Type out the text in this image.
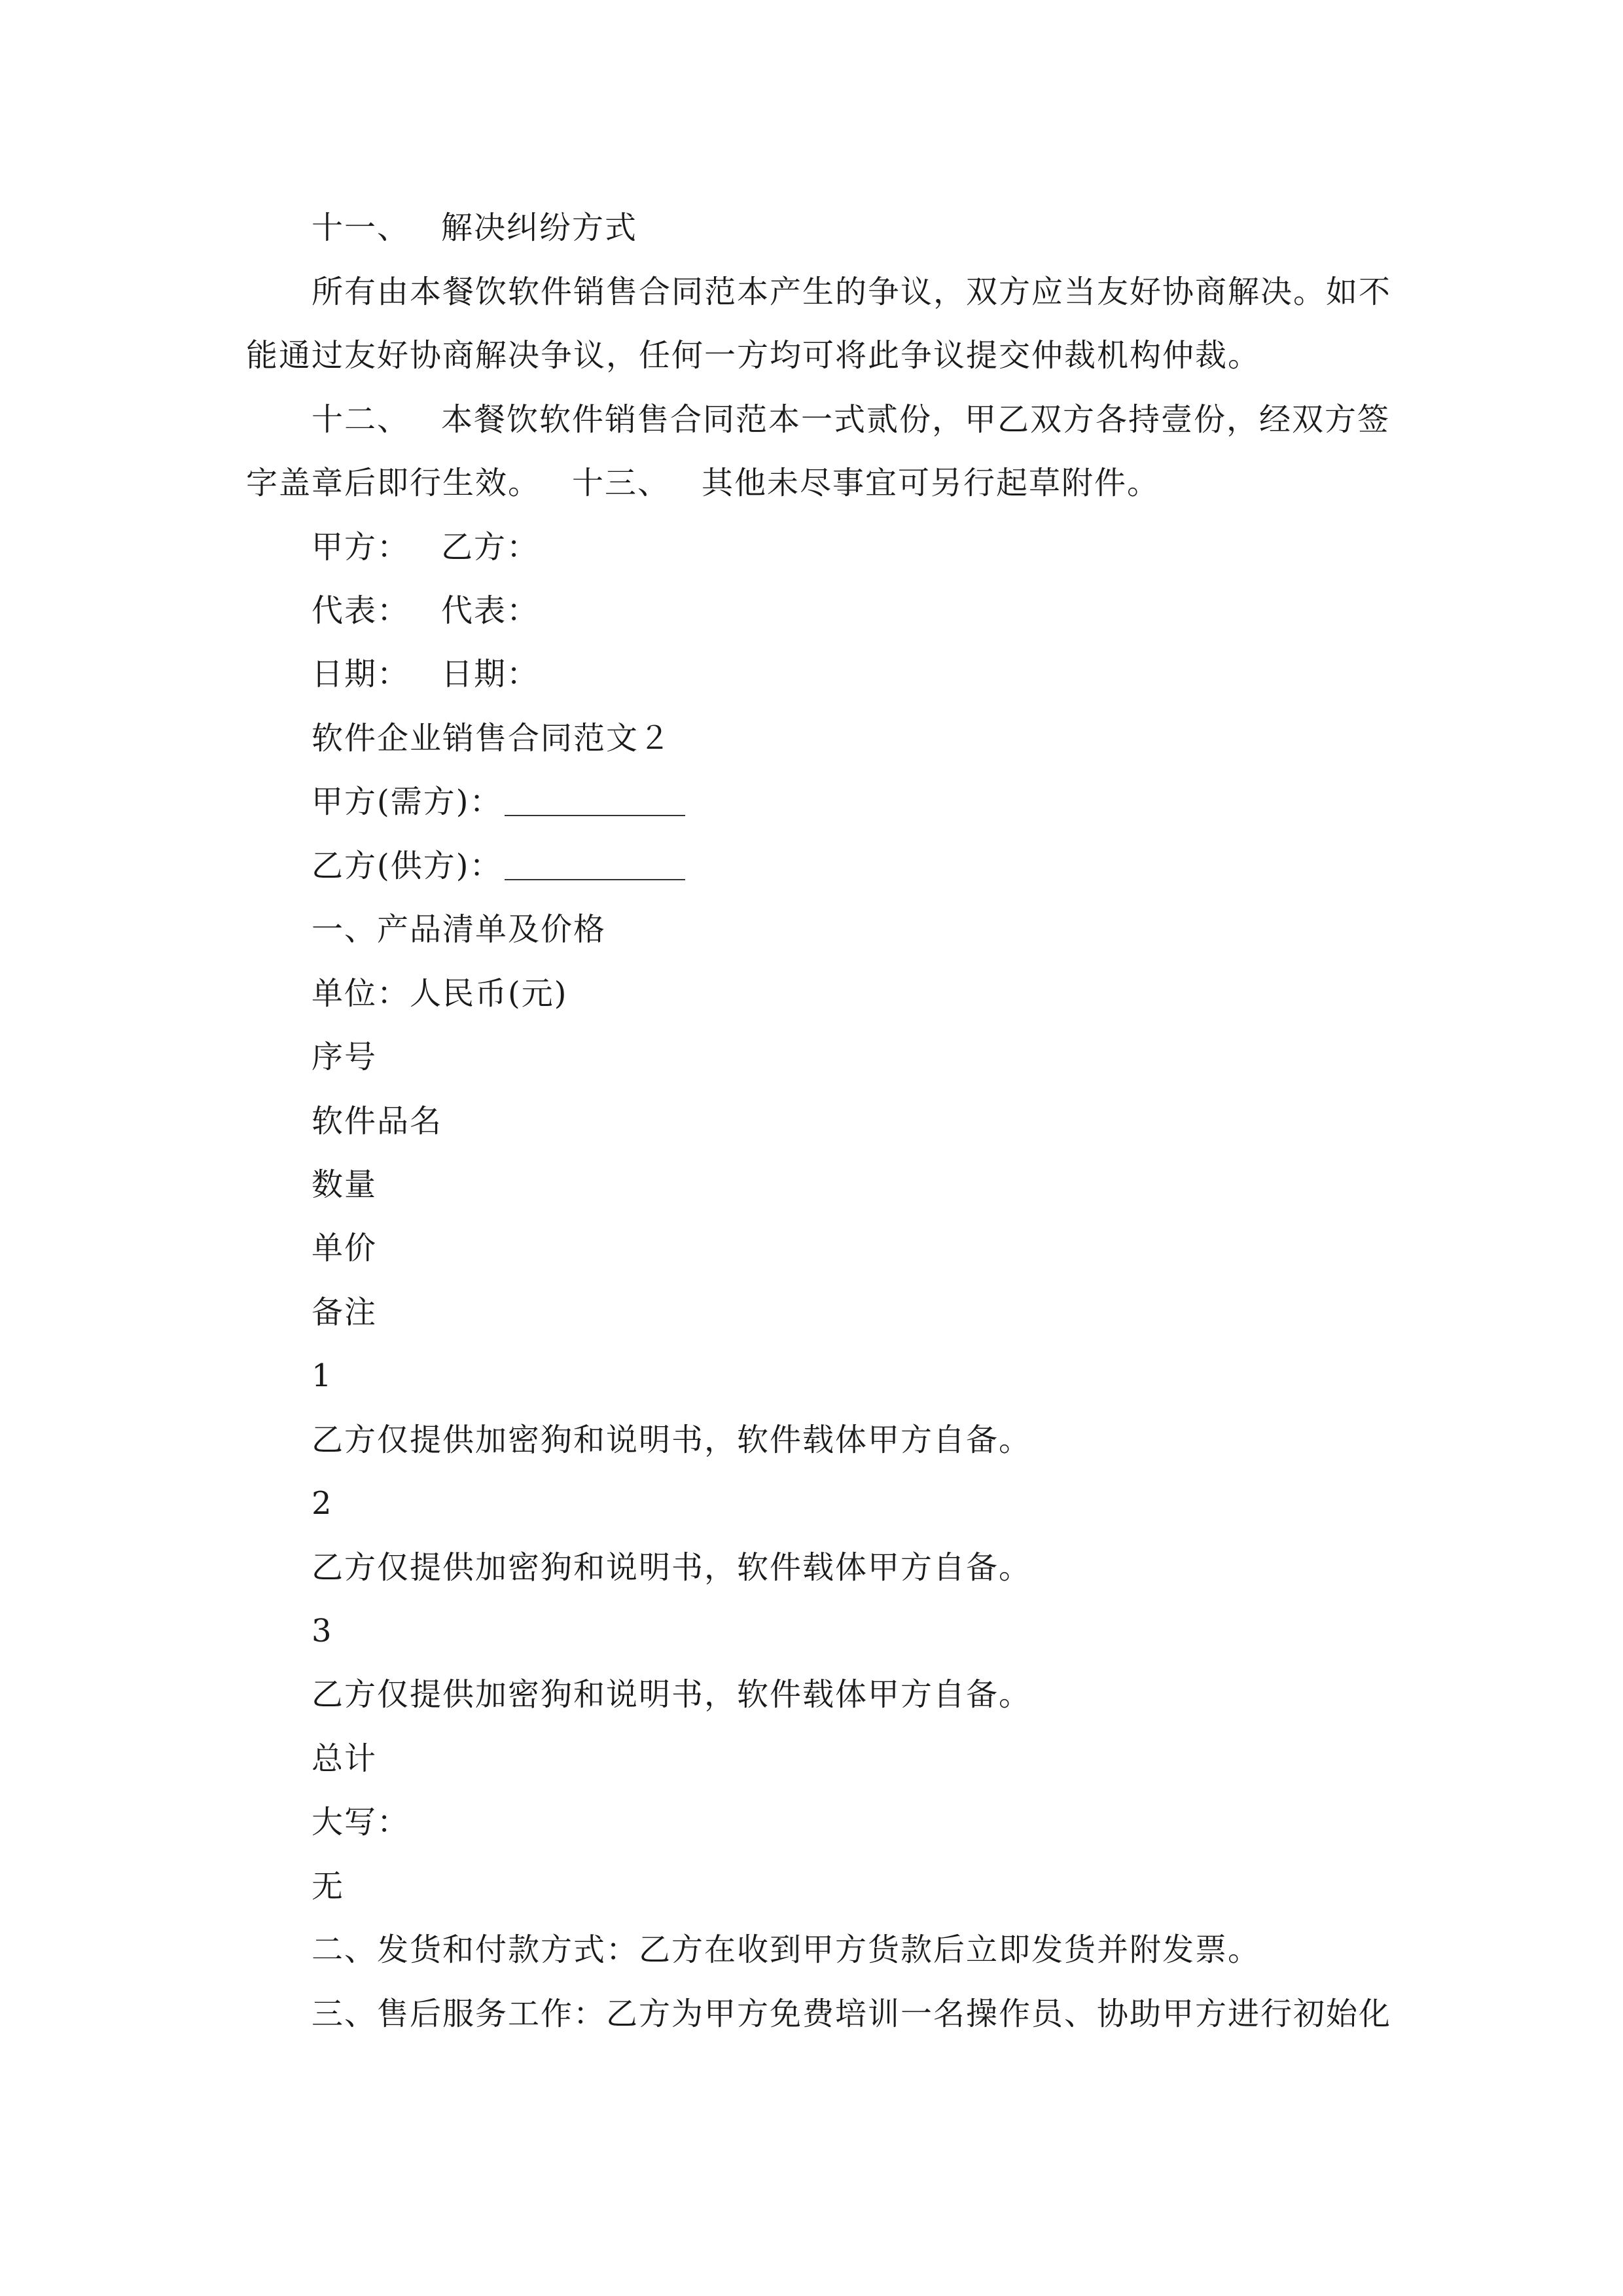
十一、 解决纠纷方式
所有由本餐饮软件销售合同范本产生的争议，双方应当友好协商解决。如不
能通过友好协商解决争议，任何一方均可将此争议提交仲裁机构仲裁。
十二、 本餐饮软件销售合同范本一式贰份，甲乙双方各持壹份，经双方签
字盖章后即行生效。 十三、 其他未尽事宜可另行起草附件。
甲方： 乙方：
代表： 代表：
日期： 日期：
软件企业销售合同范文２
甲方(需方)：
乙方(供方)：
一、产品清单及价格
单位：人民币(元)
序号
软件品名
数量
单价
备注
1
乙方仅提供加密狗和说明书，软件载体甲方自备。
2
乙方仅提供加密狗和说明书，软件载体甲方自备。
3
乙方仅提供加密狗和说明书，软件载体甲方自备。
总计
大写：
无
二、发货和付款方式：乙方在收到甲方货款后立即发货并附发票。
三、售后服务工作：乙方为甲方免费培训一名操作员、协助甲方进行初始化
